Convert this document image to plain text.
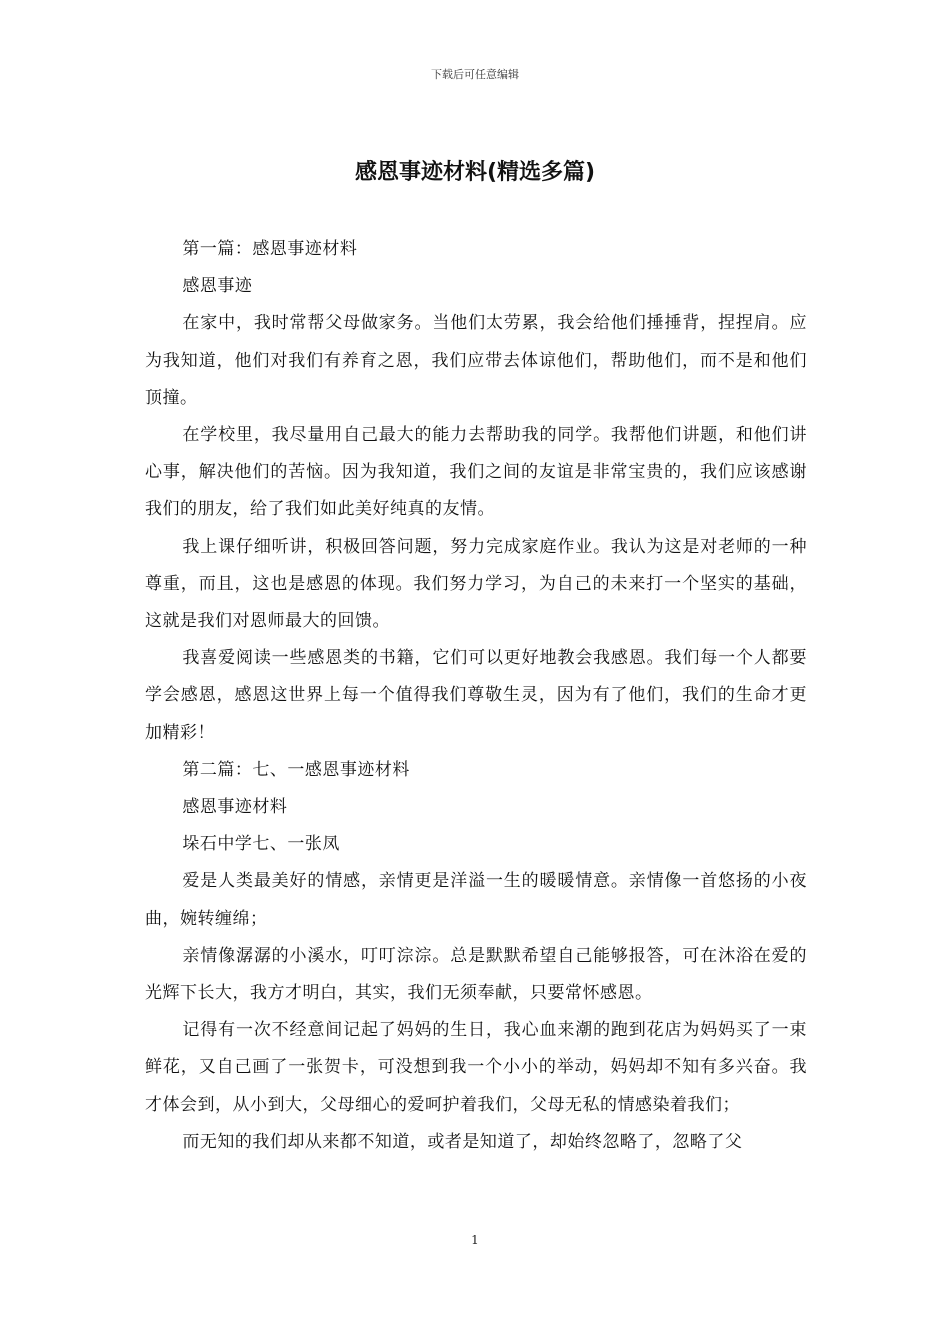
下载后可任意编辑
感恩事迹材料(精选多篇)

第一篇：感恩事迹材料

感恩事迹

在家中，我时常帮父母做家务。当他们太劳累，我会给他们捶捶背，捏捏肩。应为我知道，他们对我们有养育之恩，我们应带去体谅他们，帮助他们，而不是和他们顶撞。

在学校里，我尽量用自己最大的能力去帮助我的同学。我帮他们讲题，和他们讲心事，解决他们的苦恼。因为我知道，我们之间的友谊是非常宝贵的，我们应该感谢我们的朋友，给了我们如此美好纯真的友情。

我上课仔细听讲，积极回答问题，努力完成家庭作业。我认为这是对老师的一种尊重，而且，这也是感恩的体现。我们努力学习，为自己的未来打一个坚实的基础，这就是我们对恩师最大的回馈。

我喜爱阅读一些感恩类的书籍，它们可以更好地教会我感恩。我们每一个人都要学会感恩，感恩这世界上每一个值得我们尊敬生灵，因为有了他们，我们的生命才更加精彩！

第二篇：七、一感恩事迹材料

感恩事迹材料

垛石中学七、一张凤

爱是人类最美好的情感，亲情更是洋溢一生的暖暖情意。亲情像一首悠扬的小夜曲，婉转缠绵；

亲情像潺潺的小溪水，叮叮淙淙。总是默默希望自己能够报答，可在沐浴在爱的光辉下长大，我方才明白，其实，我们无须奉献，只要常怀感恩。

记得有一次不经意间记起了妈妈的生日，我心血来潮的跑到花店为妈妈买了一束鲜花，又自己画了一张贺卡，可没想到我一个小小的举动，妈妈却不知有多兴奋。我才体会到，从小到大，父母细心的爱呵护着我们，父母无私的情感染着我们；

而无知的我们却从来都不知道，或者是知道了，却始终忽略了，忽略了父

1
